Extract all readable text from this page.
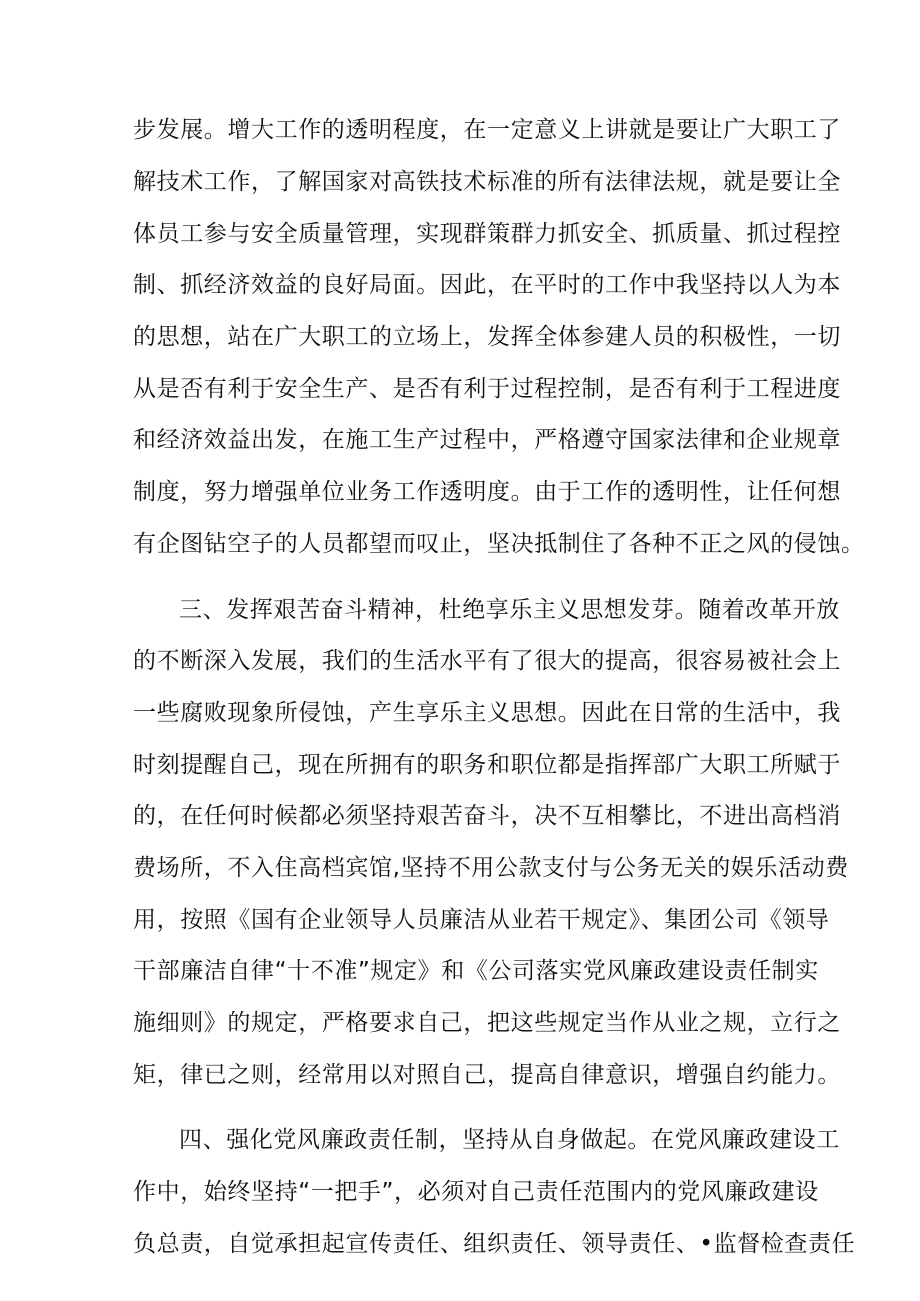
步发展。增大工作的透明程度，在一定意义上讲就是要让广大职工了
解技术工作，了解国家对高铁技术标准的所有法律法规，就是要让全
体员工参与安全质量管理，实现群策群力抓安全、抓质量、抓过程控
制、抓经济效益的良好局面。因此，在平时的工作中我坚持以人为本
的思想，站在广大职工的立场上，发挥全体参建人员的积极性，一切
从是否有利于安全生产、是否有利于过程控制，是否有利于工程进度
和经济效益出发，在施工生产过程中，严格遵守国家法律和企业规章
制度，努力增强单位业务工作透明度。由于工作的透明性，让任何想
有企图钻空子的人员都望而叹止，坚决抵制住了各种不正之风的侵蚀。
三、发挥艰苦奋斗精神，杜绝享乐主义思想发芽。随着改革开放
的不断深入发展，我们的生活水平有了很大的提高，很容易被社会上
一些腐败现象所侵蚀，产生享乐主义思想。因此在日常的生活中，我
时刻提醒自己，现在所拥有的职务和职位都是指挥部广大职工所赋于
的，在任何时候都必须坚持艰苦奋斗，决不互相攀比，不进出高档消
费场所，不入住高档宾馆,坚持不用公款支付与公务无关的娱乐活动费
用，按照《国有企业领导人员廉洁从业若干规定》、集团公司《领导
干部廉洁自律“十不准”规定》和《公司落实党风廉政建设责任制实
施细则》的规定，严格要求自己，把这些规定当作从业之规，立行之
矩，律已之则，经常用以对照自己，提高自律意识，增强自约能力。
四、强化党风廉政责任制，坚持从自身做起。在党风廉政建设工
作中，始终坚持“一把手”，必须对自己责任范围内的党风廉政建设
负总责，自觉承担起宣传责任、组织责任、领导责任、•监督检查责任
